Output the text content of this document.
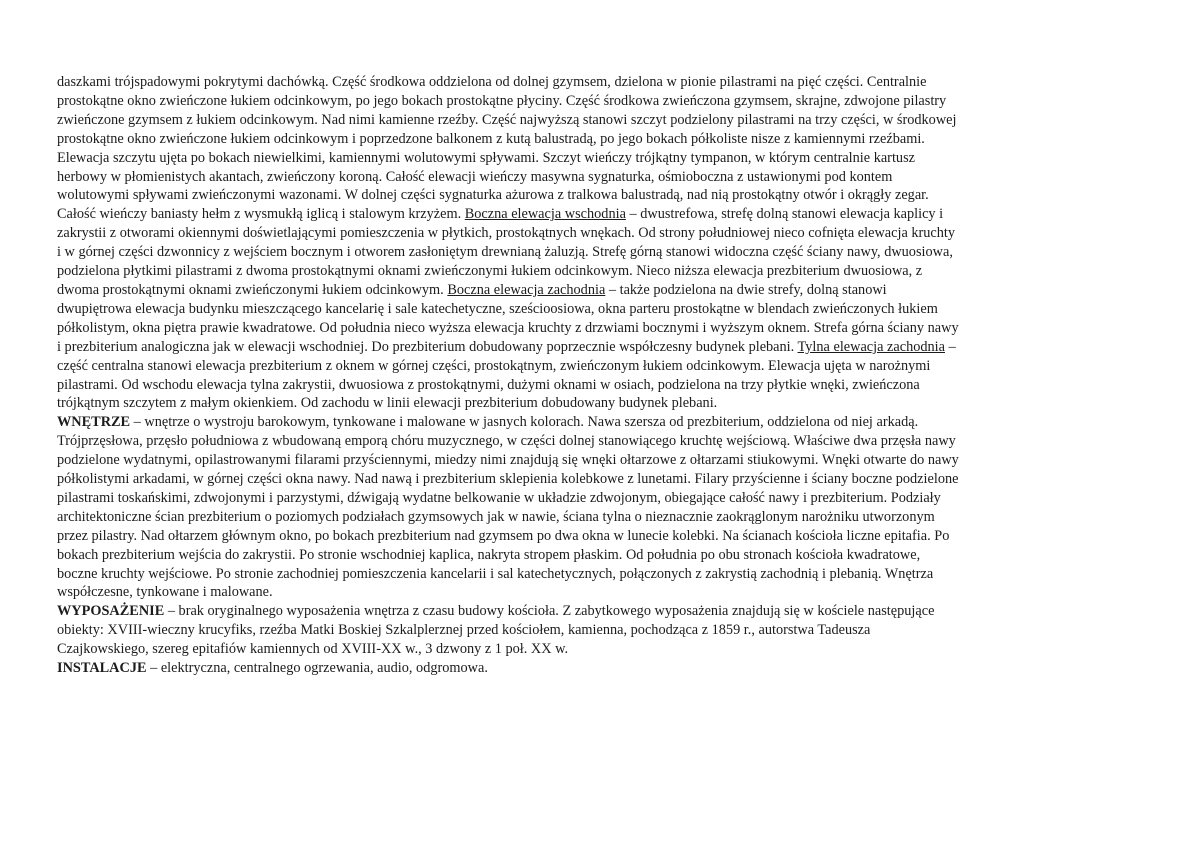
daszkami trójspadowymi pokrytymi dachówką. Część środkowa oddzielona od dolnej gzymsem, dzielona w pionie pilastrami na pięć części. Centralnie
prostokątne okno zwieńczone łukiem odcinkowym, po jego bokach prostokątne płyciny. Część środkowa zwieńczona gzymsem, skrajne, zdwojone pilastry
zwieńczone gzymsem z łukiem odcinkowym. Nad nimi kamienne rzeźby. Część najwyższą stanowi szczyt podzielony pilastrami na trzy części, w środkowej
prostokątne okno zwieńczone łukiem odcinkowym i poprzedzone balkonem z kutą balustradą, po jego bokach półkoliste nisze z kamiennymi rzeźbami.
Elewacja szczytu ujęta po bokach niewielkimi, kamiennymi wolutowymi spływami. Szczyt wieńczy trójkątny tympanon, w którym centralnie kartusz
herbowy w płomienistych akantach, zwieńczony koroną. Całość elewacji wieńczy masywna sygnaturka, ośmioboczna z ustawionymi pod kontem
wolutowymi spływami zwieńczonymi wazonami. W dolnej części sygnaturka ażurowa z tralkowa balustradą, nad nią prostokątny otwór i okrągły zegar.
Całość wieńczy baniasty hełm z wysmukłą iglicą i stalowym krzyżem. Boczna elewacja wschodnia – dwustrefowa, strefę dolną stanowi elewacja kaplicy i
zakrystii z otworami okiennymi doświetlającymi pomieszczenia w płytkich, prostokątnych wnękach. Od strony południowej nieco cofnięta elewacja kruchty
i w górnej części dzwonnicy z wejściem bocznym i otworem zasłoniętym drewnianą żaluzją. Strefę górną stanowi widoczna część ściany nawy, dwuosiowa,
podzielona płytkimi pilastrami z dwoma prostokątnymi oknami zwieńczonymi łukiem odcinkowym. Nieco niższa elewacja prezbiterium dwuosiowa, z
dwoma prostokątnymi oknami zwieńczonymi łukiem odcinkowym. Boczna elewacja zachodnia – także podzielona na dwie strefy, dolną stanowi
dwupiętrowa elewacja budynku mieszczącego kancelarię i sale katechetyczne, sześcioosiowa, okna parteru prostokątne w blendach zwieńczonych łukiem
półkolistym, okna piętra prawie kwadratowe. Od południa nieco wyższa elewacja kruchty z drzwiami bocznymi i wyższym oknem. Strefa górna ściany nawy
i prezbiterium analogiczna jak w elewacji wschodniej. Do prezbiterium dobudowany poprzecznie współczesny budynek plebani. Tylna elewacja zachodnia –
część centralna stanowi elewacja prezbiterium z oknem w górnej części, prostokątnym, zwieńczonym łukiem odcinkowym. Elewacja ujęta w narożnymi
pilastrami. Od wschodu elewacja tylna zakrystii, dwuosiowa z prostokątnymi, dużymi oknami w osiach, podzielona na trzy płytkie wnęki, zwieńczona
trójkątnym szczytem z małym okienkiem. Od zachodu w linii elewacji prezbiterium dobudowany budynek plebani.
WNĘTRZE – wnętrze o wystroju barokowym, tynkowane i malowane w jasnych kolorach. Nawa szersza od prezbiterium, oddzielona od niej arkadą.
Trójprzęsłowa, przęsło południowa z wbudowaną emporą chóru muzycznego, w części dolnej stanowiącego kruchtę wejściową. Właściwe dwa przęsła nawy
podzielone wydatnymi, opilastrowanymi filarami przyściennymi, miedzy nimi znajdują się wnęki ołtarzowe z ołtarzami stiukowymi. Wnęki otwarte do nawy
półkolistymi arkadami, w górnej części okna nawy. Nad nawą i prezbiterium sklepienia kolebkowe z lunetami. Filary przyścienne i ściany boczne podzielone
pilastrami toskańskimi, zdwojonymi i parzystymi, dźwigają wydatne belkowanie w układzie zdwojonym, obiegające całość nawy i prezbiterium. Podziały
architektoniczne ścian prezbiterium o poziomych podziałach gzymsowych jak w nawie, ściana tylna o nieznacznie zaokrąglonym narożniku utworzonym
przez pilastry. Nad ołtarzem głównym okno, po bokach prezbiterium nad gzymsem po dwa okna w lunecie kolebki. Na ścianach kościoła liczne epitafia. Po
bokach prezbiterium wejścia do zakrystii. Po stronie wschodniej kaplica, nakryta stropem płaskim. Od południa po obu stronach kościoła kwadratowe,
boczne kruchty wejściowe. Po stronie zachodniej pomieszczenia kancelarii i sal katechetycznych, połączonych z zakrystią zachodnią i plebanią. Wnętrza
współczesne, tynkowane i malowane.
WYPOSAŻENIE – brak oryginalnego wyposażenia wnętrza z czasu budowy kościoła. Z zabytkowego wyposażenia znajdują się w kościele następujące
obiekty: XVIII-wieczny krucyfiks, rzeźba Matki Boskiej Szkalplerznej przed kościołem, kamienna, pochodząca z 1859 r., autorstwa Tadeusza
Czajkowskiego, szereg epitafiów kamiennych od XVIII-XX w., 3 dzwony z 1 poł. XX w.
INSTALACJE – elektryczna, centralnego ogrzewania, audio, odgromowa.
